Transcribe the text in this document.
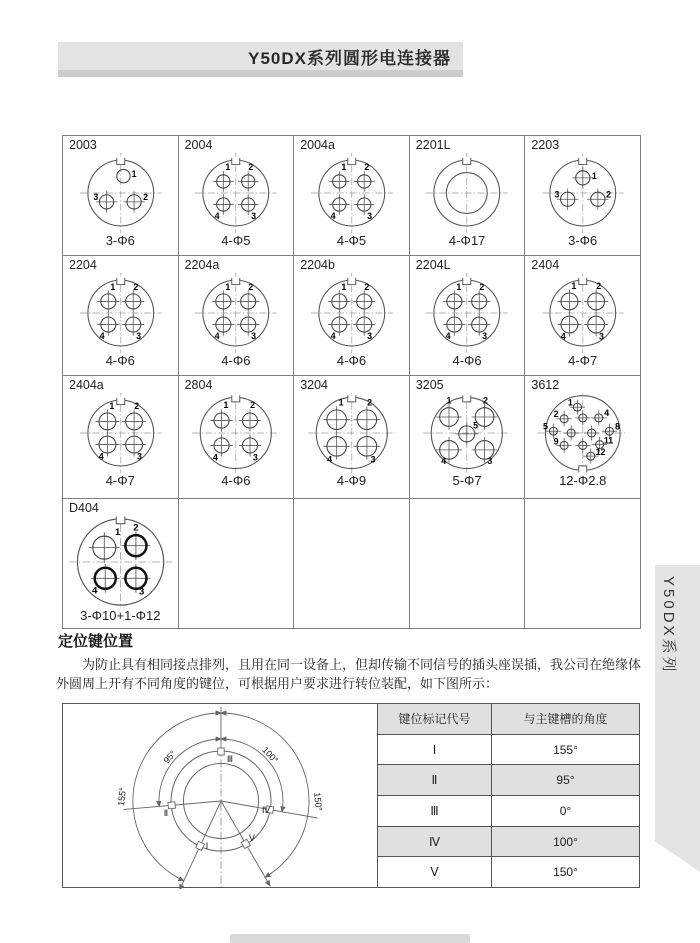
Y50DX系列圆形电连接器
2003
1
2
3
3-Φ6
2004
1 2
3
4
4-Φ5
2004a
1 2
3
4
4-Φ5
2201L
4-Φ17
2203
1
2
3
3-Φ6
2204
1 2
3
4
4-Φ6
2204a
1 2
3
4
4-Φ6
2204b
1 2
3
4
4-Φ6
2204L
1 2
3
4
4-Φ6
2404
1 2
3
4
4-Φ7
2404a
1 2
3
4
4-Φ7
2804
1 2
3
4
4-Φ6
3204
1 2
3
4
4-Φ9
3205
1	2
3
4
5
5-Φ7
3612
1
2	4
5	8
9	11
12
12-Φ2.8
D404
1 2
3
4
3-Φ10+1-Φ12
定位键位置

为防止具有相同接点排列，且用在同一设备上，但却传输不同信号的插头座误插，我公司在绝缘体外圆周上开有不同角度的键位，可根据用户要求进行转位装配，如下图所示：

Ⅲ
Ⅱ	Ⅳ
Ⅰ
Ⅴ
95°	100°
155°	150°
键位标记代号	与主键槽的角度
Ⅰ	155°
Ⅱ	95°
Ⅲ	0°
Ⅳ	100°
Ⅴ	150°
Y50DX系列
